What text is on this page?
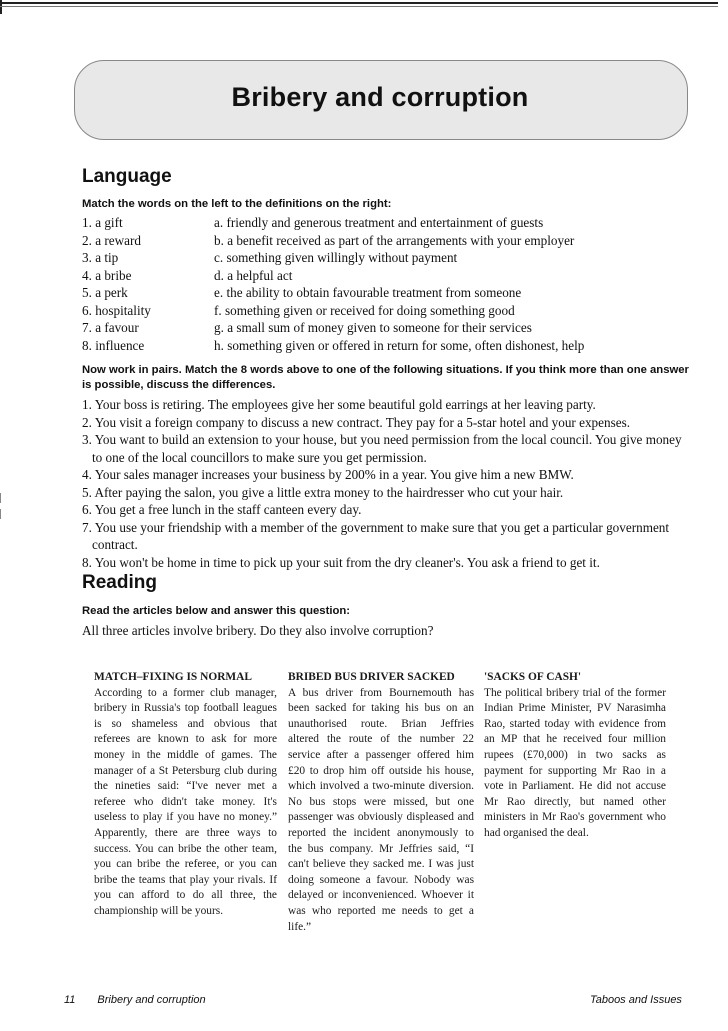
Bribery and corruption
Language
Match the words on the left to the definitions on the right:
1. a gift
2. a reward
3. a tip
4. a bribe
5. a perk
6. hospitality
7. a favour
8. influence
a. friendly and generous treatment and entertainment of guests
b. a benefit received as part of the arrangements with your employer
c. something given willingly without payment
d. a helpful act
e. the ability to obtain favourable treatment from someone
f. something given or received for doing something good
g. a small sum of money given to someone for their services
h. something given or offered in return for some, often dishonest, help
Now work in pairs. Match the 8 words above to one of the following situations. If you think more than one answer is possible, discuss the differences.
1. Your boss is retiring. The employees give her some beautiful gold earrings at her leaving party.
2. You visit a foreign company to discuss a new contract. They pay for a 5-star hotel and your expenses.
3. You want to build an extension to your house, but you need permission from the local council. You give money to one of the local councillors to make sure you get permission.
4. Your sales manager increases your business by 200% in a year. You give him a new BMW.
5. After paying the salon, you give a little extra money to the hairdresser who cut your hair.
6. You get a free lunch in the staff canteen every day.
7. You use your friendship with a member of the government to make sure that you get a particular government contract.
8. You won't be home in time to pick up your suit from the dry cleaner's. You ask a friend to get it.
Reading
Read the articles below and answer this question:
All three articles involve bribery. Do they also involve corruption?
MATCH–FIXING IS NORMAL
According to a former club manager, bribery in Russia's top football leagues is so shameless and obvious that referees are known to ask for more money in the middle of games. The manager of a St Petersburg club during the nineties said: “I've never met a referee who didn't take money. It's useless to play if you have no money.” Apparently, there are three ways to success. You can bribe the other team, you can bribe the referee, or you can bribe the teams that play your rivals. If you can afford to do all three, the championship will be yours.
BRIBED BUS DRIVER SACKED
A bus driver from Bournemouth has been sacked for taking his bus on an unauthorised route. Brian Jeffries altered the route of the number 22 service after a passenger offered him £20 to drop him off outside his house, which involved a two-minute diversion. No bus stops were missed, but one passenger was obviously displeased and reported the incident anonymously to the bus company. Mr Jeffries said, “I can't believe they sacked me. I was just doing someone a favour. Nobody was delayed or inconvenienced. Whoever it was who reported me needs to get a life.”
'SACKS OF CASH'
The political bribery trial of the former Indian Prime Minister, PV Narasimha Rao, started today with evidence from an MP that he received four million rupees (£70,000) in two sacks as payment for supporting Mr Rao in a vote in Parliament. He did not accuse Mr Rao directly, but named other ministers in Mr Rao's government who had organised the deal.
11 Bribery and corruption	Taboos and Issues
